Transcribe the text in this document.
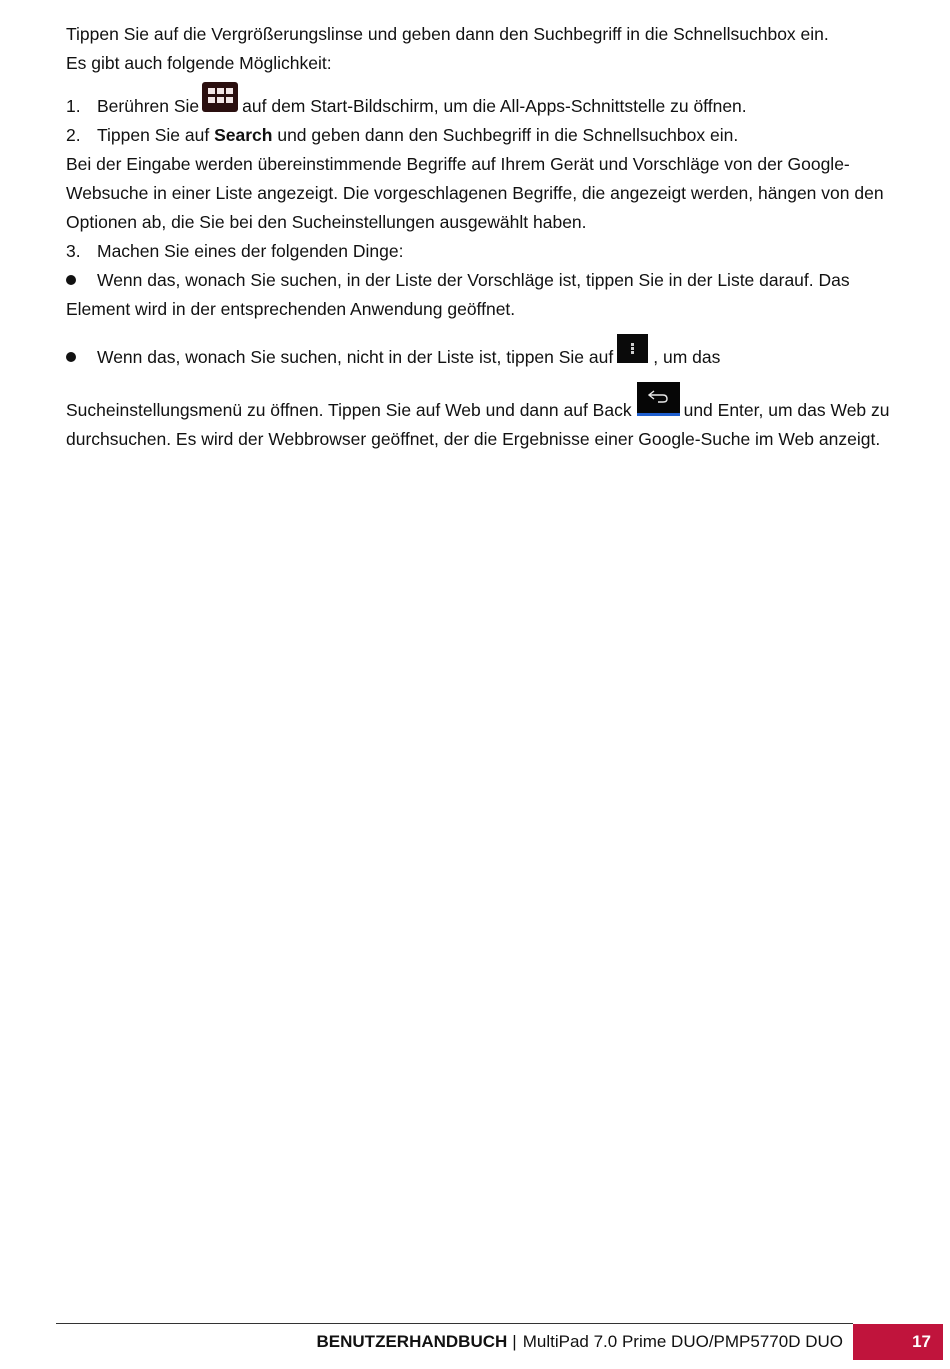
Tippen Sie auf die Vergrößerungslinse und geben dann den Suchbegriff in die Schnellsuchbox ein.
Es gibt auch folgende Möglichkeit:
1. Berühren Sie auf dem Start-Bildschirm, um die All-Apps-Schnittstelle zu öffnen.
2. Tippen Sie auf
Search
und geben dann den Suchbegriff in die Schnellsuchbox ein.
Bei der Eingabe werden übereinstimmende Begriffe auf Ihrem Gerät und Vorschläge von der Google-
Websuche in einer Liste angezeigt. Die vorgeschlagenen Begriffe, die angezeigt werden, hängen von den
Optionen ab, die Sie bei den Sucheinstellungen ausgewählt haben.
3. Machen Sie eines der folgenden Dinge:
Wenn das, wonach Sie suchen, in der Liste der Vorschläge ist, tippen Sie in der Liste darauf. Das
Element wird in der entsprechenden Anwendung geöffnet.
Wenn das, wonach Sie suchen, nicht in der Liste ist, tippen Sie auf , um das
Sucheinstellungsmenü zu öffnen. Tippen Sie auf Web und dann auf Back	und Enter, um das Web zu
durchsuchen. Es wird der Webbrowser geöffnet, der die Ergebnisse einer Google-Suche im Web anzeigt.
BENUTZERHANDBUCH | MultiPad 7.0 Prime DUO/PMP5770D DUO	17
